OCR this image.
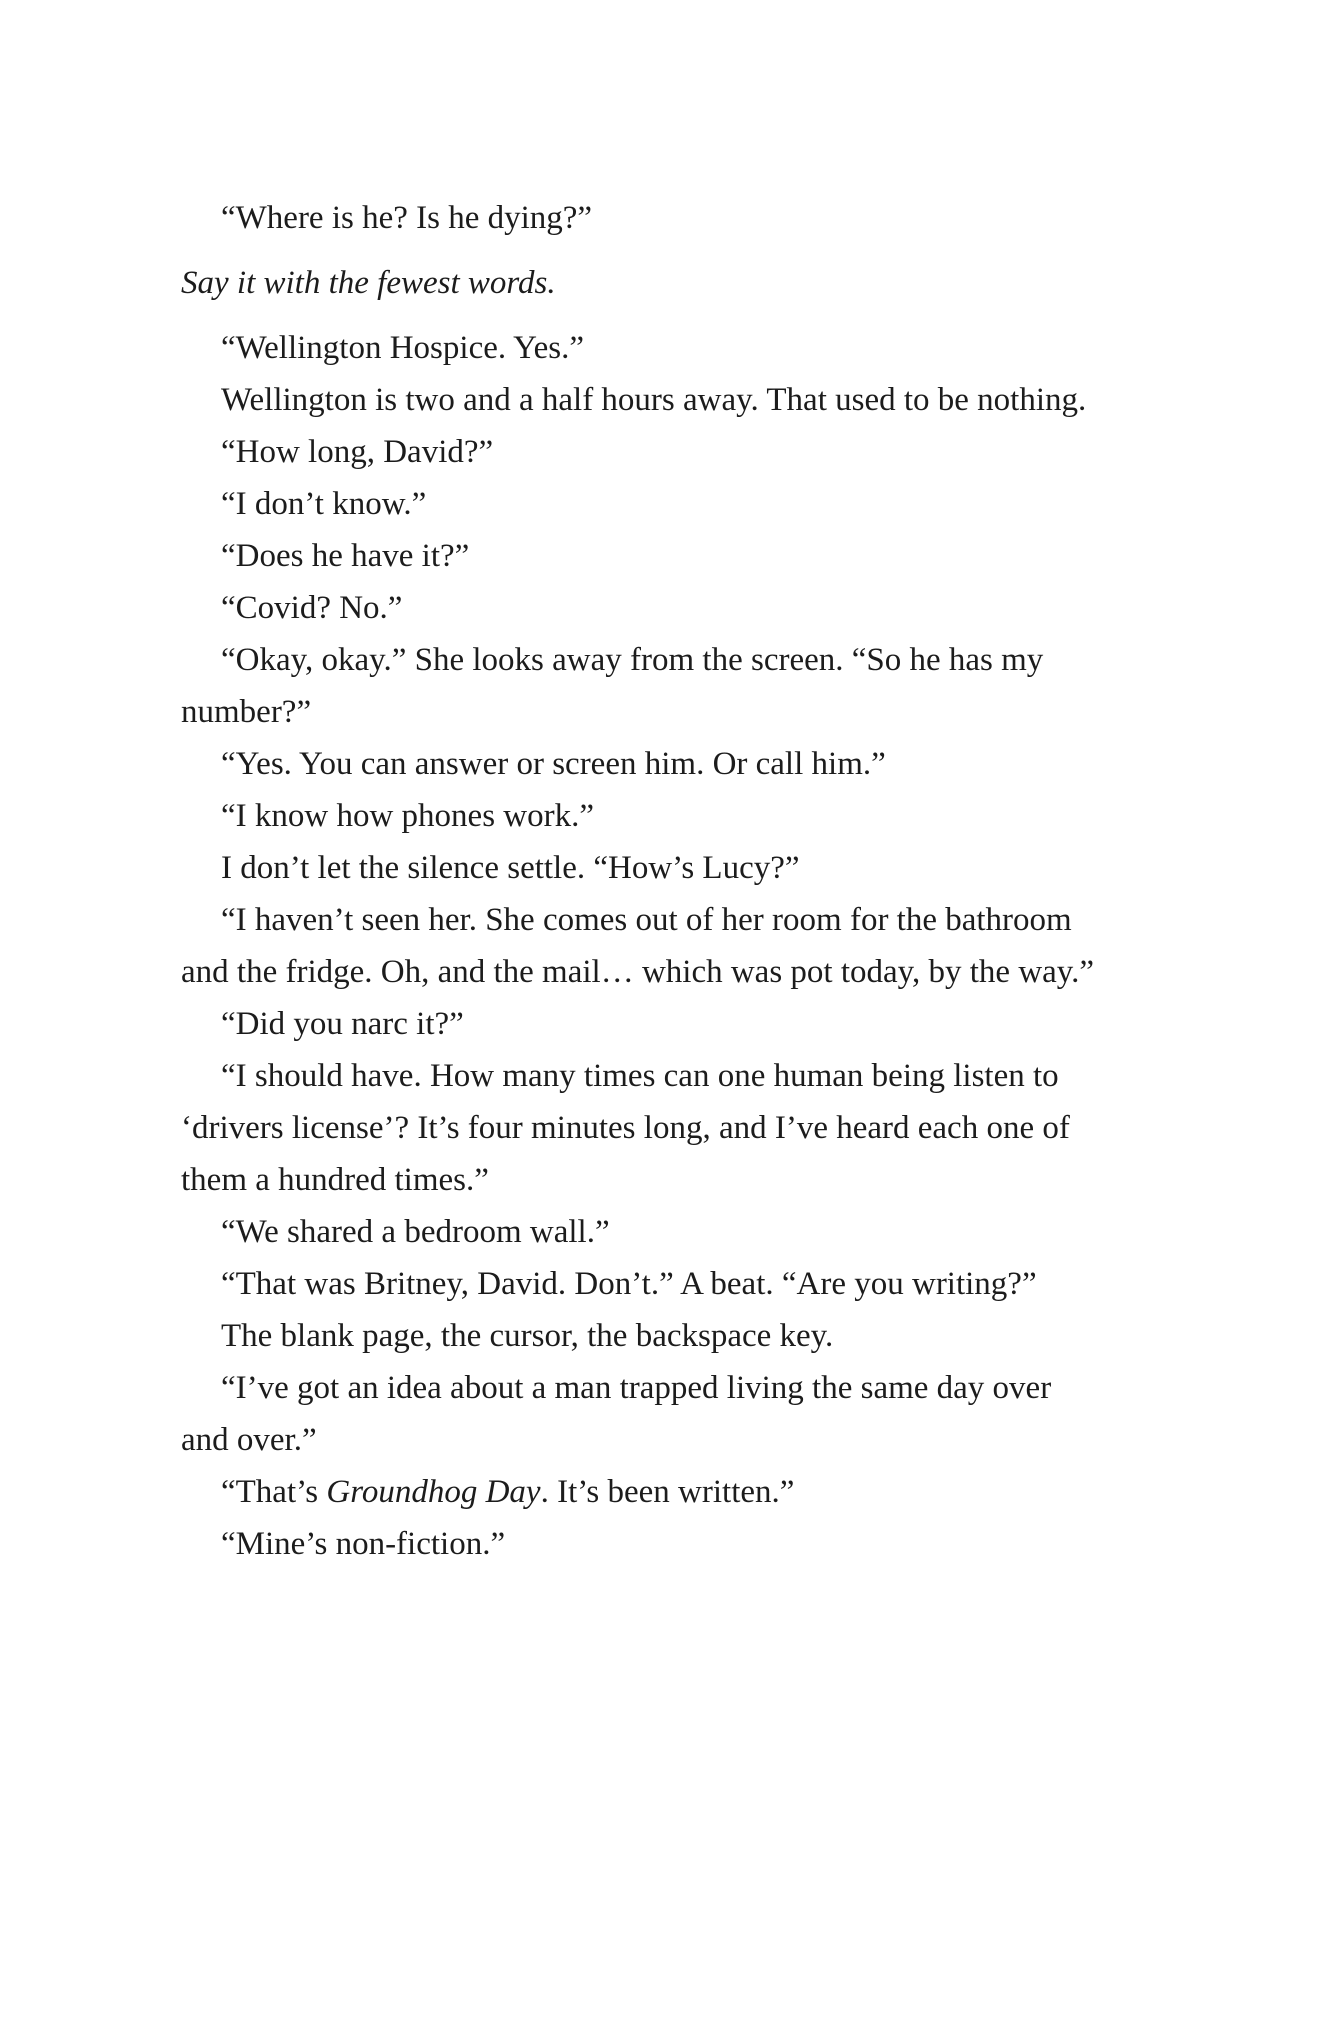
“Where is he? Is he dying?”

Say it with the fewest words.

“Wellington Hospice. Yes.”

Wellington is two and a half hours away. That used to be nothing.

“How long, David?”

“I don’t know.”

“Does he have it?”

“Covid? No.”

“Okay, okay.” She looks away from the screen. “So he has my number?”

“Yes. You can answer or screen him. Or call him.”

“I know how phones work.”

I don’t let the silence settle. “How’s Lucy?”

“I haven’t seen her. She comes out of her room for the bathroom and the fridge. Oh, and the mail… which was pot today, by the way.”

“Did you narc it?”

“I should have. How many times can one human being listen to ‘drivers license’? It’s four minutes long, and I’ve heard each one of them a hundred times.”

“We shared a bedroom wall.”

“That was Britney, David. Don’t.” A beat. “Are you writing?”

The blank page, the cursor, the backspace key.

“I’ve got an idea about a man trapped living the same day over and over.”

“That’s Groundhog Day. It’s been written.”

“Mine’s non-fiction.”
